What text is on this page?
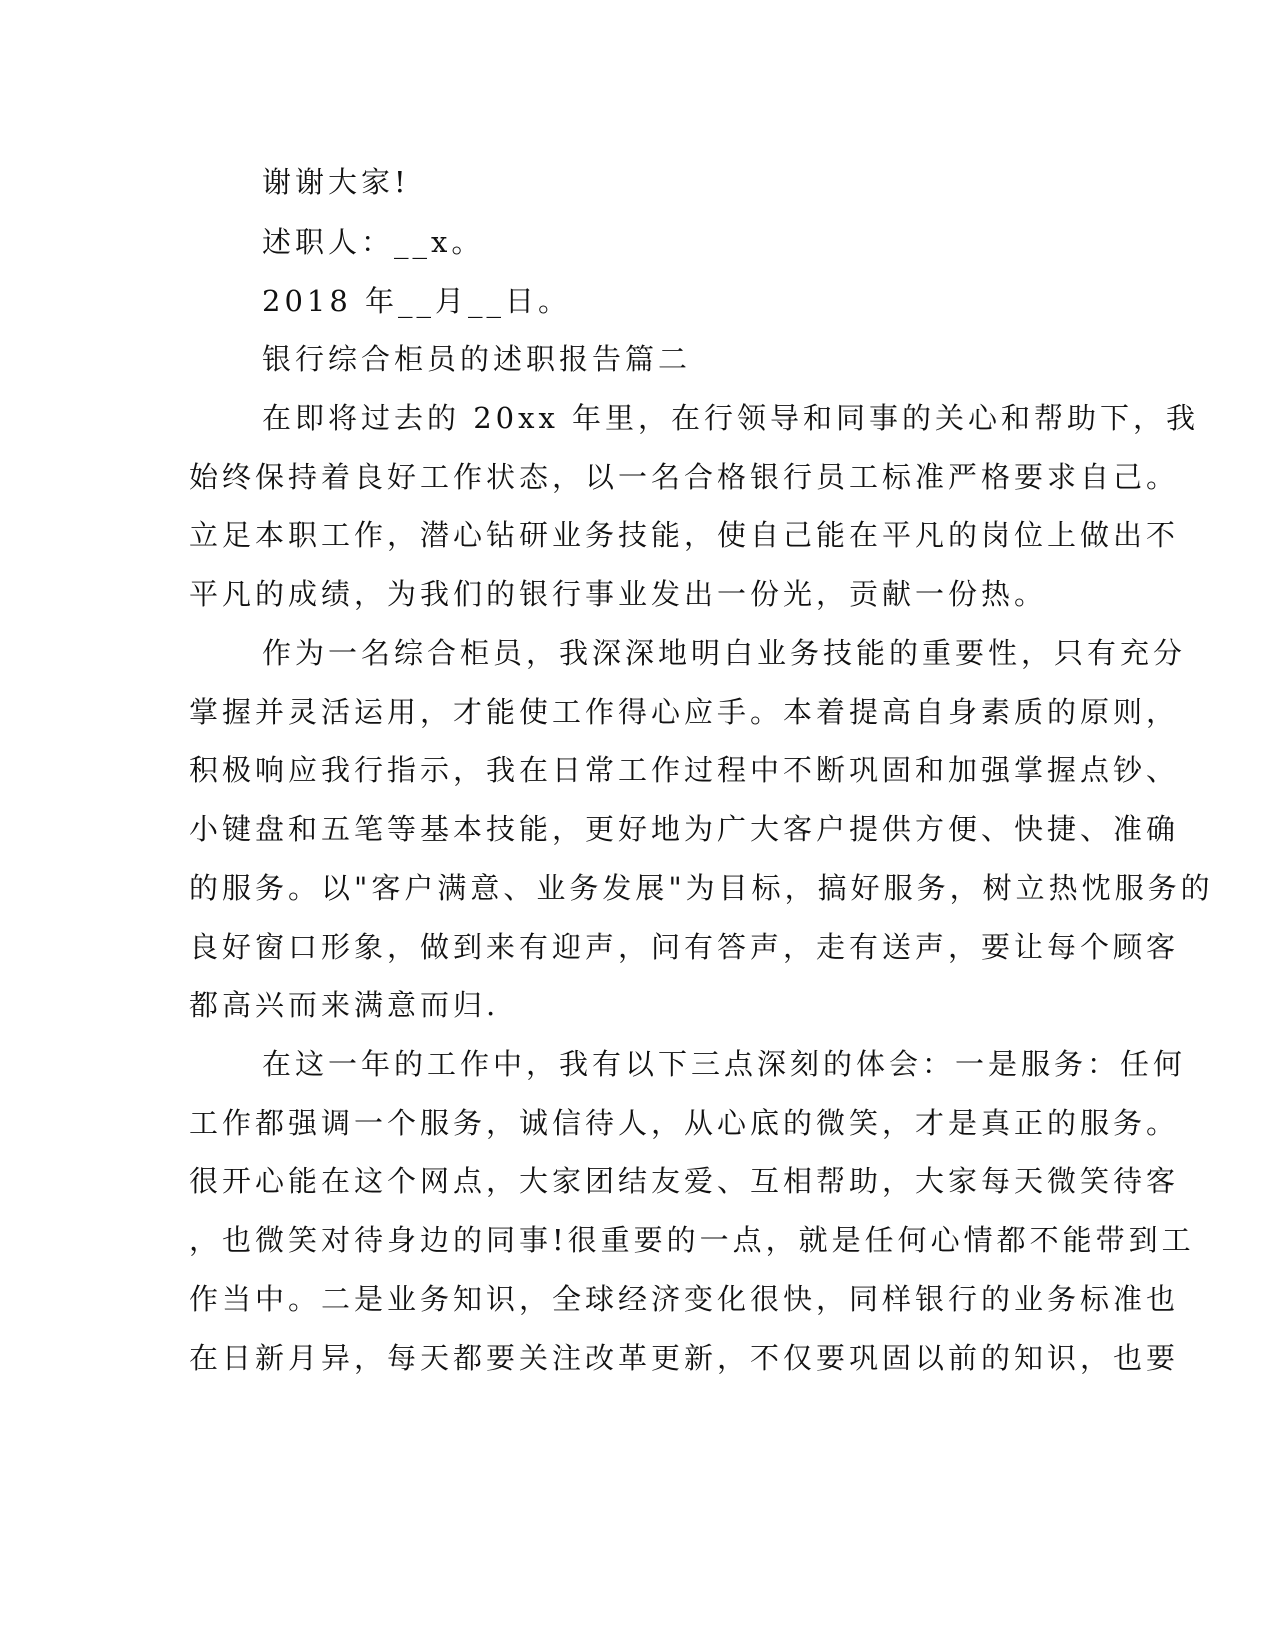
谢谢大家!

述职人：__x。

2018 年__月__日。

银行综合柜员的述职报告篇二

在即将过去的 20xx 年里，在行领导和同事的关心和帮助下，我

始终保持着良好工作状态，以一名合格银行员工标准严格要求自己。

立足本职工作，潜心钻研业务技能，使自己能在平凡的岗位上做出不

平凡的成绩，为我们的银行事业发出一份光，贡献一份热。

作为一名综合柜员，我深深地明白业务技能的重要性，只有充分

掌握并灵活运用，才能使工作得心应手。本着提高自身素质的原则，

积极响应我行指示，我在日常工作过程中不断巩固和加强掌握点钞、

小键盘和五笔等基本技能，更好地为广大客户提供方便、快捷、准确

的服务。以"客户满意、业务发展"为目标，搞好服务，树立热忱服务的

良好窗口形象，做到来有迎声，问有答声，走有送声，要让每个顾客

都高兴而来满意而归.

在这一年的工作中，我有以下三点深刻的体会：一是服务：任何

工作都强调一个服务，诚信待人，从心底的微笑，才是真正的服务。

很开心能在这个网点，大家团结友爱、互相帮助，大家每天微笑待客

，也微笑对待身边的同事!很重要的一点，就是任何心情都不能带到工

作当中。二是业务知识，全球经济变化很快，同样银行的业务标准也

在日新月异，每天都要关注改革更新，不仅要巩固以前的知识，也要
